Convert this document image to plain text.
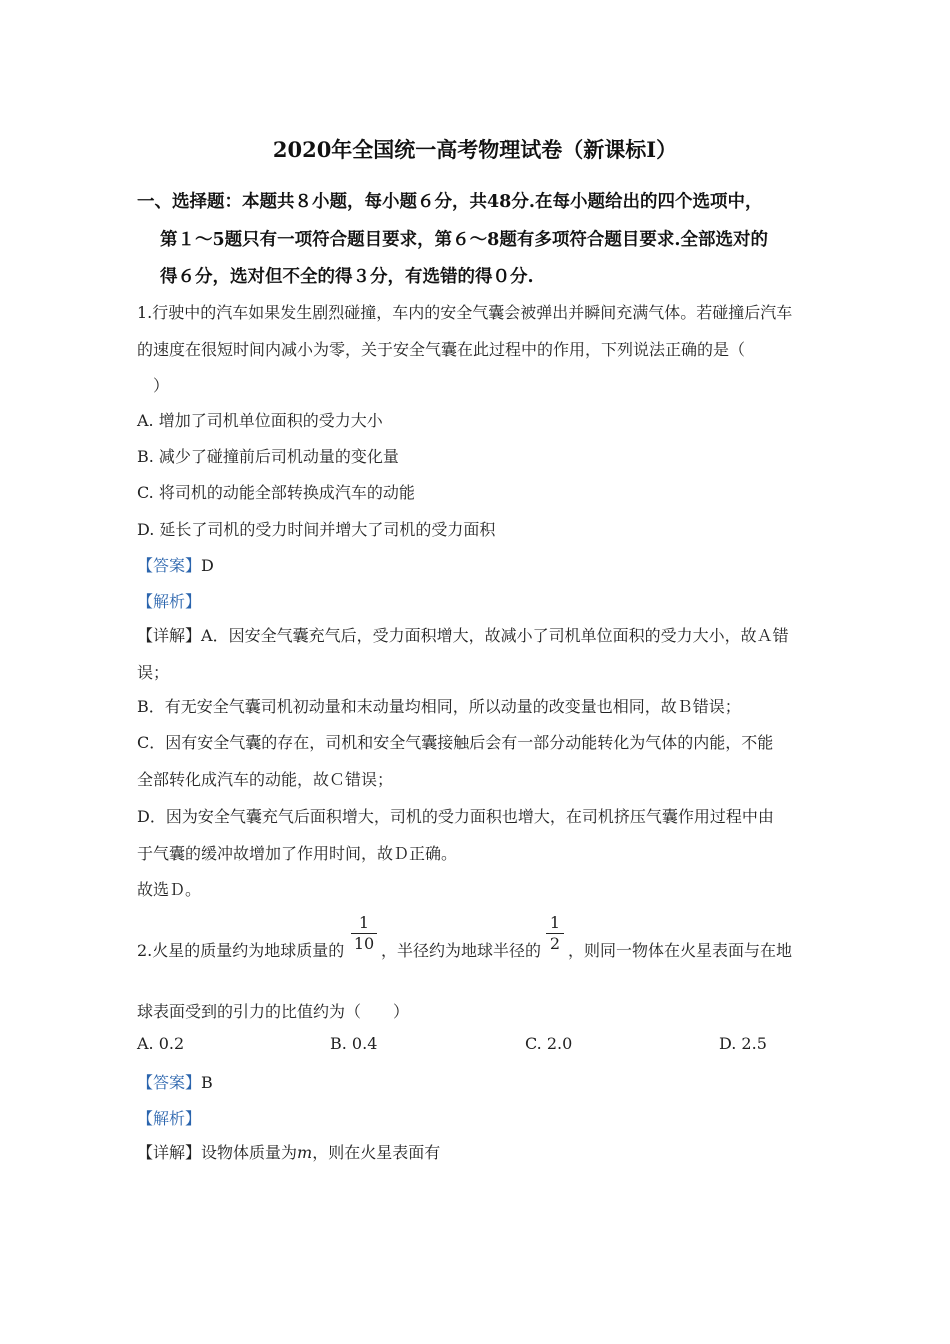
2020年全国统一高考物理试卷（新课标Ⅰ）
一、选择题：本题共８小题，每小题６分，共48分.在每小题给出的四个选项中，
第１～5题只有一项符合题目要求，第６～8题有多项符合题目要求.全部选对的
得６分，选对但不全的得３分，有选错的得０分.
1.行驶中的汽车如果发生剧烈碰撞，车内的安全气囊会被弹出并瞬间充满气体。若碰撞后汽车
的速度在很短时间内减小为零，关于安全气囊在此过程中的作用，下列说法正确的是（
）
A. 增加了司机单位面积的受力大小
B. 减少了碰撞前后司机动量的变化量
C. 将司机的动能全部转换成汽车的动能
D. 延长了司机的受力时间并增大了司机的受力面积
【答案】D
【解析】
【详解】A．因安全气囊充气后，受力面积增大，故减小了司机单位面积的受力大小，故Ａ错
误；
B．有无安全气囊司机初动量和末动量均相同，所以动量的改变量也相同，故Ｂ错误；
C．因有安全气囊的存在，司机和安全气囊接触后会有一部分动能转化为气体的内能，不能
全部转化成汽车的动能，故Ｃ错误；
D．因为安全气囊充气后面积增大，司机的受力面积也增大，在司机挤压气囊作用过程中由
于气囊的缓冲故增加了作用时间，故Ｄ正确。
故选Ｄ。
2.火星的质量约为地球质量的
1
10 ，半径约为地球半径的
1
2 ，则同一物体在火星表面与在地
球表面受到的引力的比值约为（　　）
A. 0.2	B. 0.4	C. 2.0	D. 2.5
【答案】B
【解析】
【详解】设物体质量为m，则在火星表面有
